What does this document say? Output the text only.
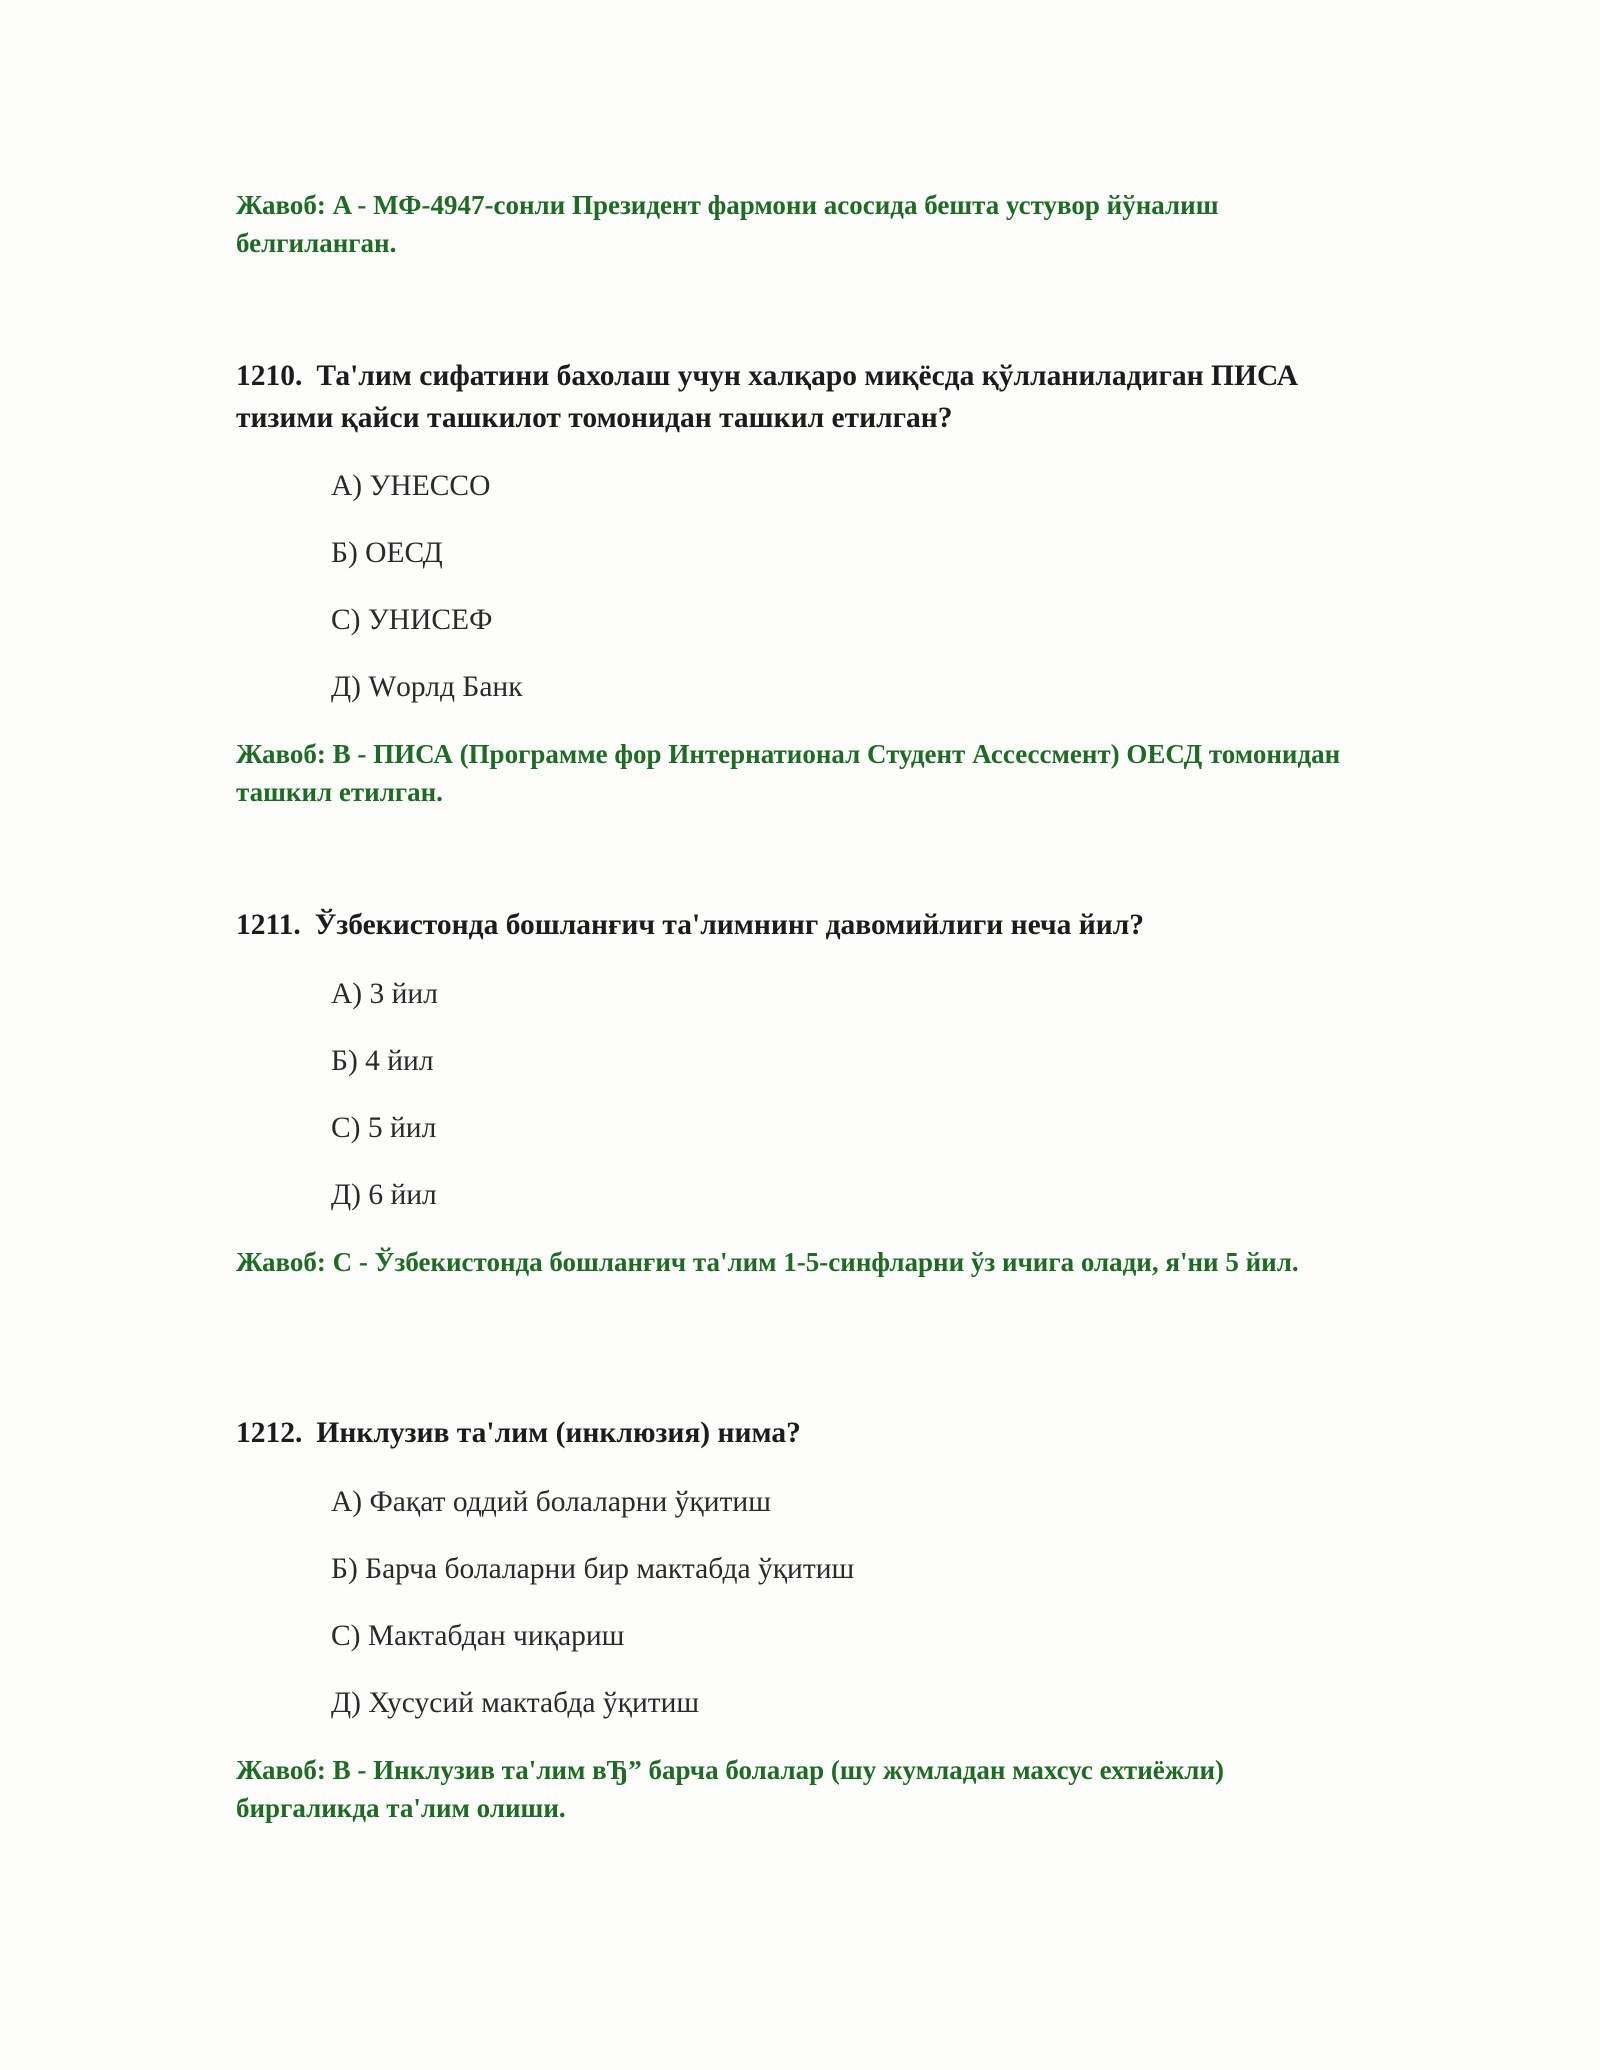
Жавоб: A - МФ-4947-сонли Президент фармони асосида бешта устувор йўналиш белгиланган.
1210. Та'лим сифатини бахолаш учун халқаро миқёсда қўлланиладиган ПИСА тизими қайси ташкилот томонидан ташкил етилган?
А) УНЕССО
Б) ОЕСД
С) УНИСЕФ
Д) Wорлд Банк
Жавоб: B - ПИСА (Программе фор Интернатионал Студент Ассессмент) ОЕСД томонидан ташкил етилган.
1211. Ўзбекистонда бошланғич та'лимнинг давомийлиги неча йил?
А) 3 йил
Б) 4 йил
С) 5 йил
Д) 6 йил
Жавоб: C - Ўзбекистонда бошланғич та'лим 1-5-синфларни ўз ичига олади, я'ни 5 йил.
1212. Инклузив та'лим (инклюзия) нима?
А) Фақат оддий болаларни ўқитиш
Б) Барча болаларни бир мактабда ўқитиш
С) Мактабдан чиқариш
Д) Хусусий мактабда ўқитиш
Жавоб: B - Инклузив та'лим вЂ” барча болалар (шу жумладан махсус ехтиёжли) биргаликда та'лим олиши.
